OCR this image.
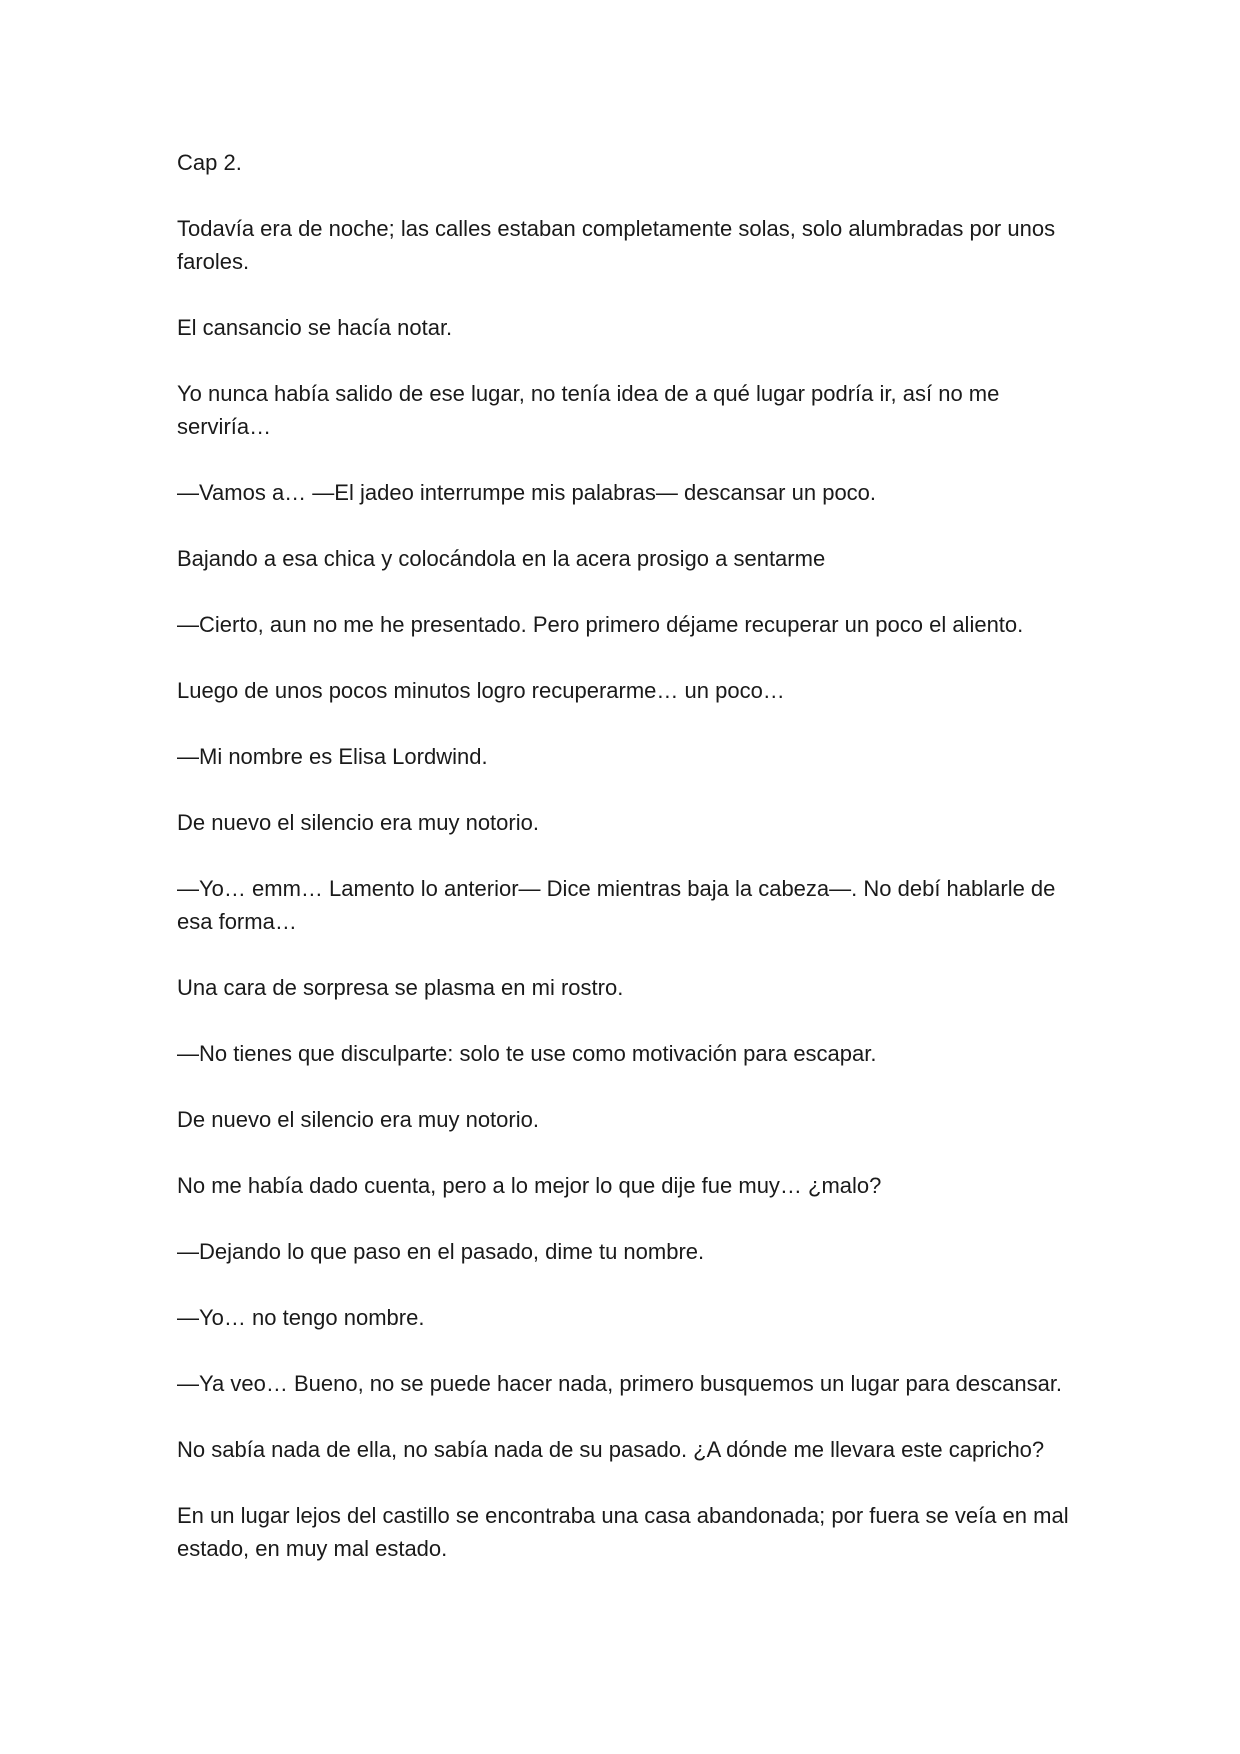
Cap 2.

Todavía era de noche; las calles estaban completamente solas, solo alumbradas por unos faroles.

El cansancio se hacía notar.

Yo nunca había salido de ese lugar, no tenía idea de a qué lugar podría ir, así no me serviría…

—Vamos a… —El jadeo interrumpe mis palabras— descansar un poco.

Bajando a esa chica y colocándola en la acera prosigo a sentarme

—Cierto, aun no me he presentado. Pero primero déjame recuperar un poco el aliento.

Luego de unos pocos minutos logro recuperarme… un poco…

—Mi nombre es Elisa Lordwind.

De nuevo el silencio era muy notorio.

—Yo… emm… Lamento lo anterior— Dice mientras baja la cabeza—. No debí hablarle de esa forma…

Una cara de sorpresa se plasma en mi rostro.

—No tienes que disculparte: solo te use como motivación para escapar.

De nuevo el silencio era muy notorio.

No me había dado cuenta, pero a lo mejor lo que dije fue muy… ¿malo?

—Dejando lo que paso en el pasado, dime tu nombre.

—Yo… no tengo nombre.

—Ya veo… Bueno, no se puede hacer nada, primero busquemos un lugar para descansar.

No sabía nada de ella, no sabía nada de su pasado. ¿A dónde me llevara este capricho?

En un lugar lejos del castillo se encontraba una casa abandonada; por fuera se veía en mal estado, en muy mal estado.
